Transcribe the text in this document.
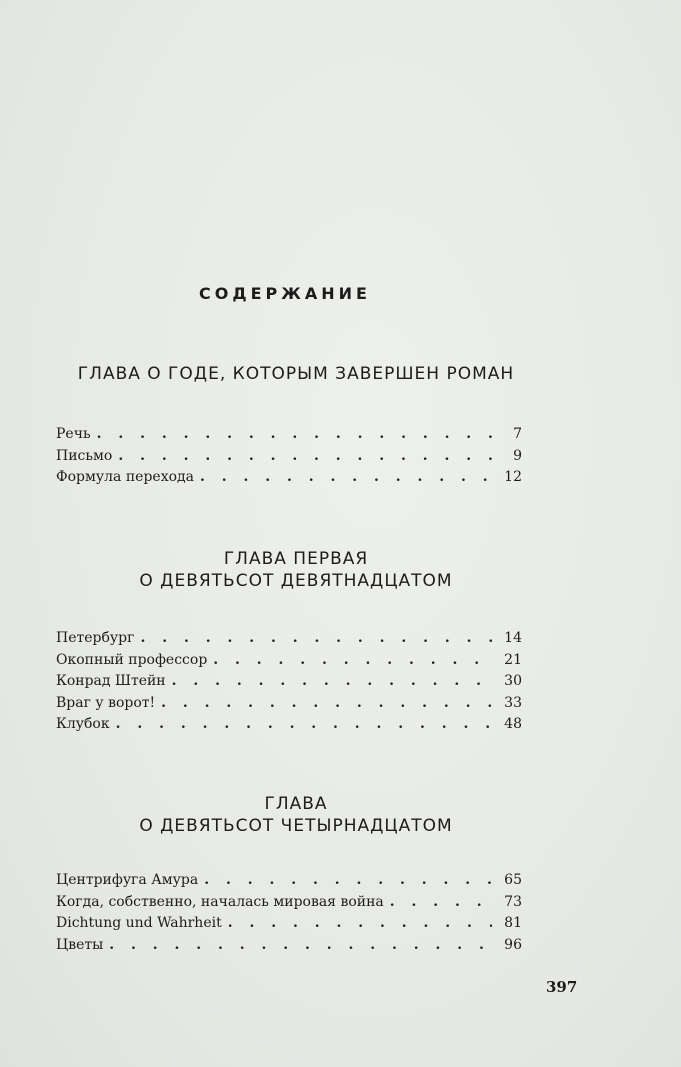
СОДЕРЖАНИЕ
ГЛАВА О ГОДЕ, КОТОРЫМ ЗАВЕРШЕН РОМАН
Речь . . .	7
Письмо . . .	9
Формула перехода . . .	12
ГЛАВА ПЕРВАЯ
О ДЕВЯТЬСОТ ДЕВЯТНАДЦАТОМ
Петербург . . .	14
Окопный профессор . . .	21
Конрад Штейн . . .	30
Враг у ворот! . . .	33
Клубок . . .	48
ГЛАВА
О ДЕВЯТЬСОТ ЧЕТЫРНАДЦАТОМ
Центрифуга Амура . . .	65
Когда, собственно, началась мировая война . . .	73
Dichtung und Wahrheit . . .	81
Цветы . . .	96
397
